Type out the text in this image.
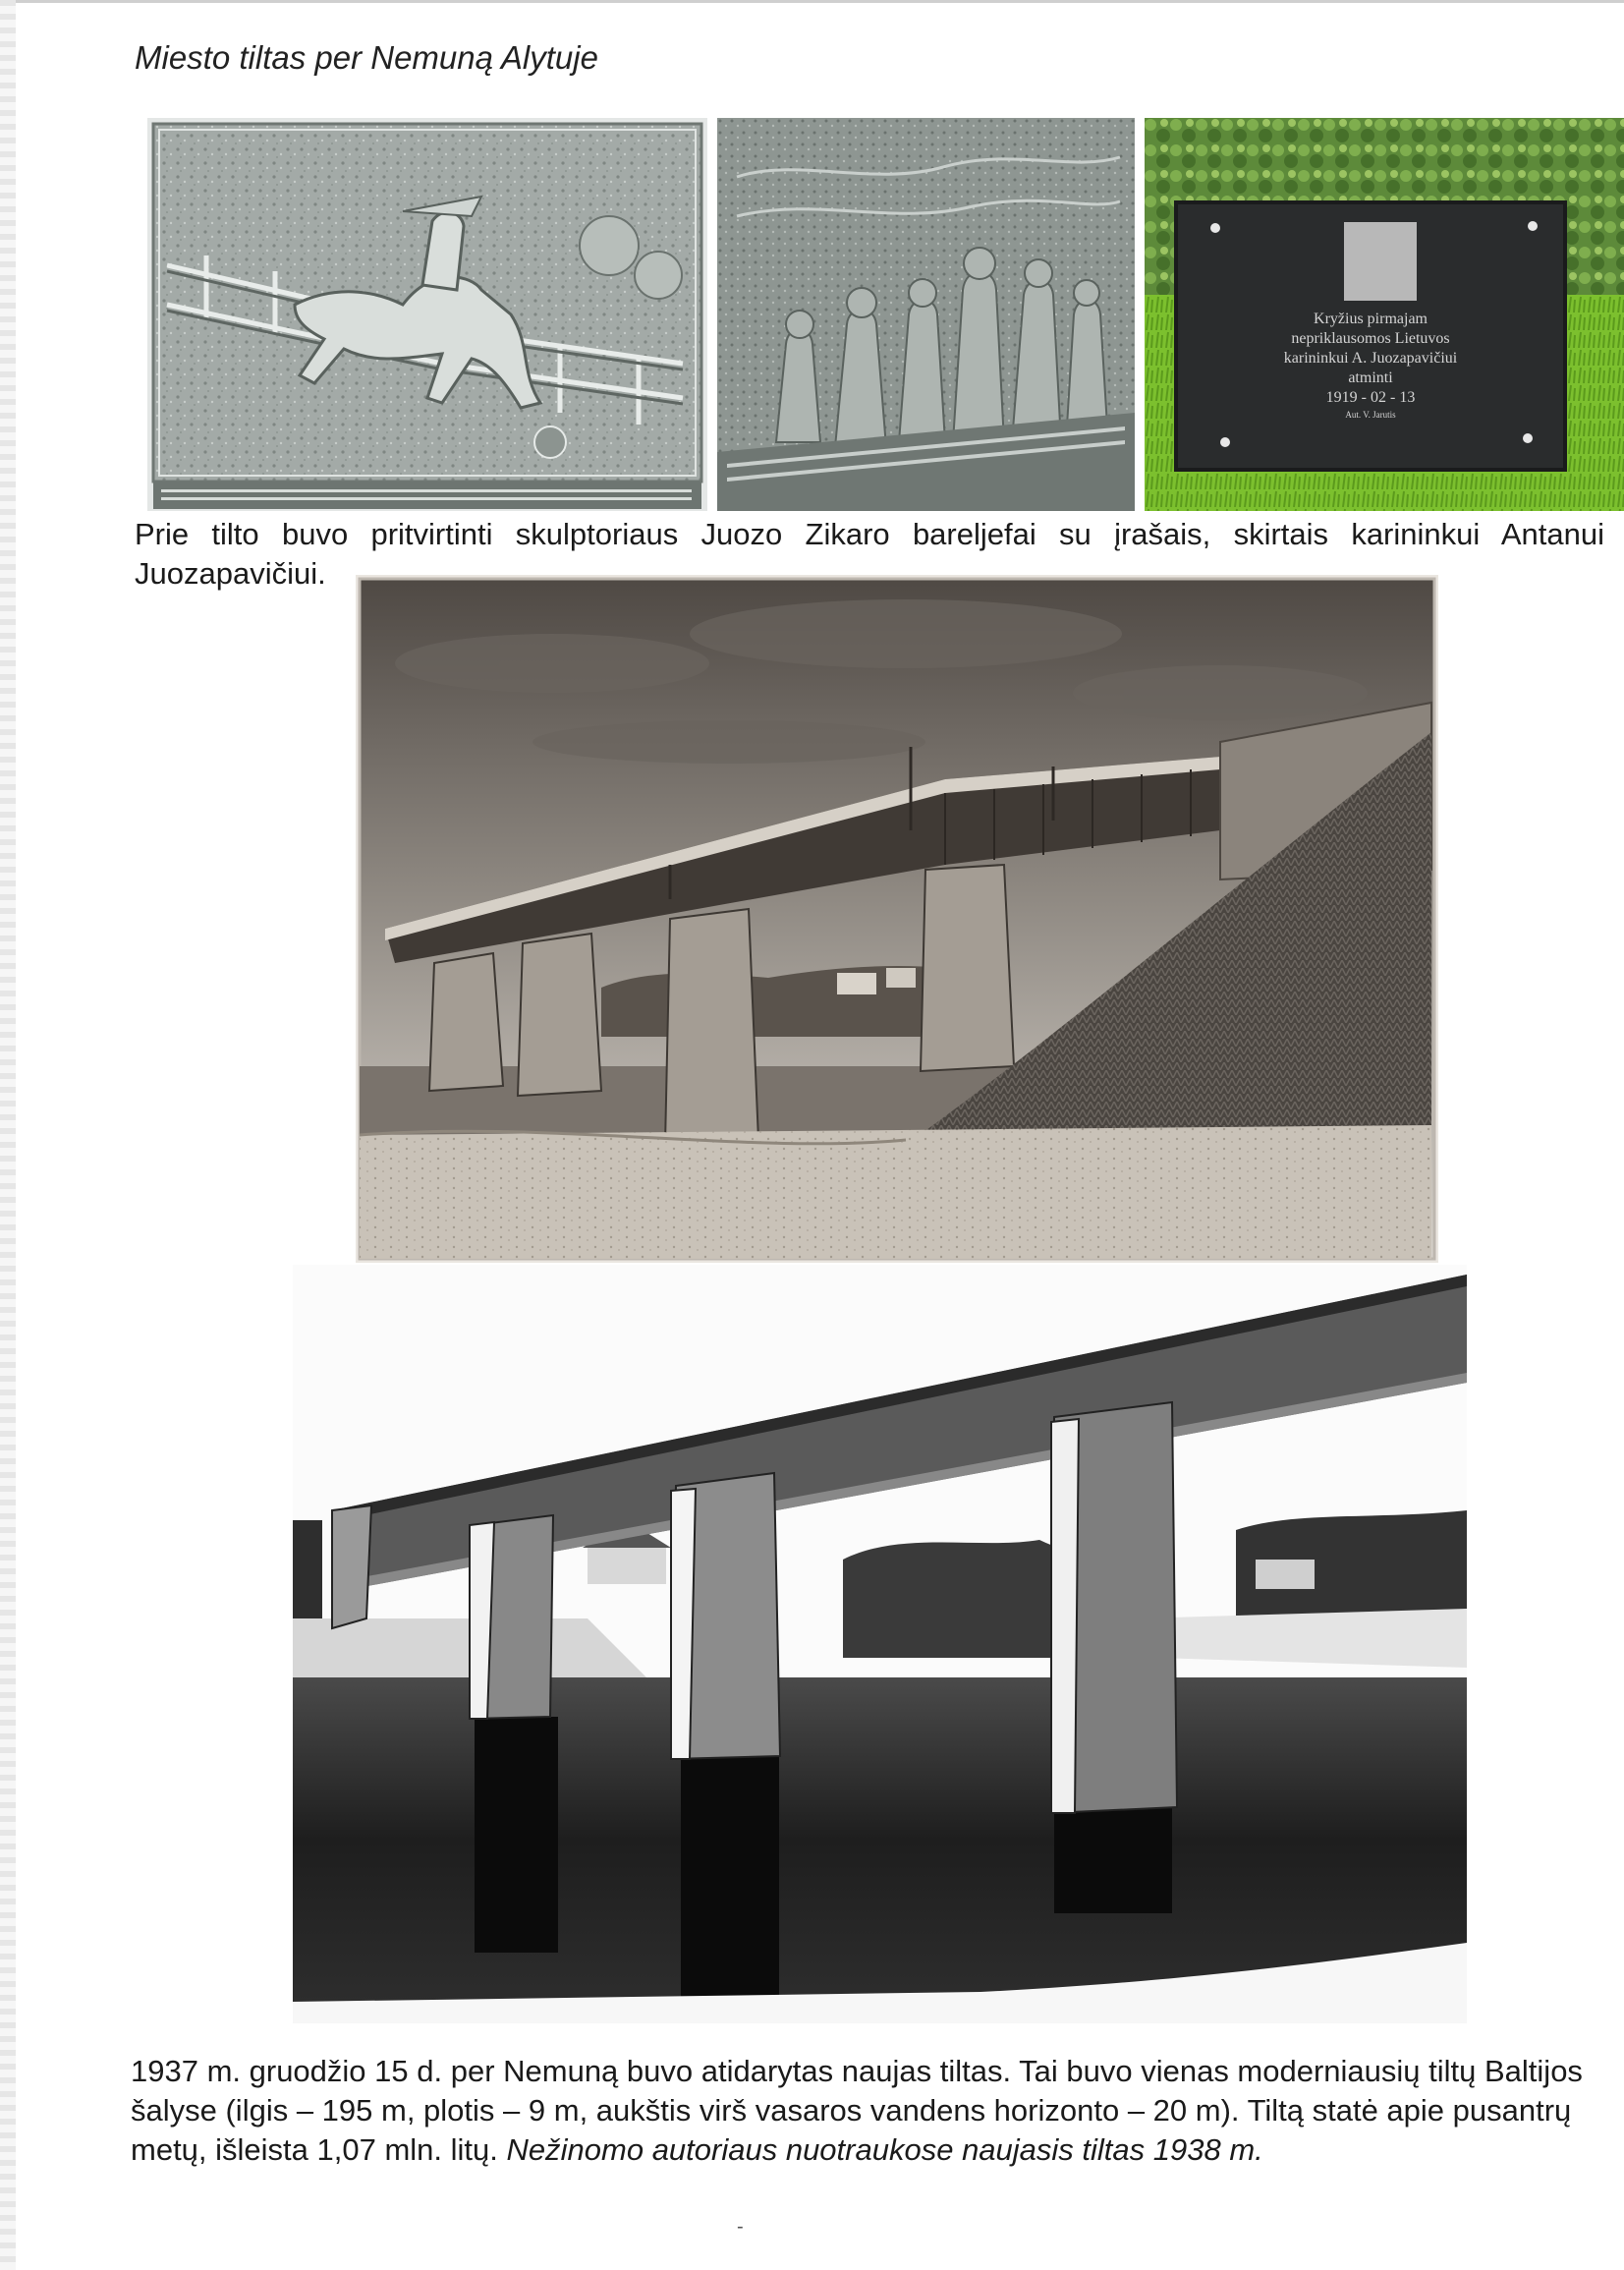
Miesto tiltas per Nemuną Alytuje
Kryžius pirmajam
nepriklausomos Lietuvos
karininkui A. Juozapavičiui
atminti
1919 - 02 - 13
Aut. V. Jarutis
Prie tilto buvo pritvirtinti skulptoriaus Juozo Zikaro bareljefai su įrašais, skirtais karininkui Antanui Juozapavičiui.
1937 m. gruodžio 15 d. per Nemuną buvo atidarytas naujas tiltas. Tai buvo vienas moderniausių tiltų Baltijos šalyse (ilgis – 195 m, plotis – 9 m, aukštis virš vasaros vandens horizonto – 20 m). Tiltą statė apie pusantrų metų, išleista 1,07 mln. litų. Nežinomo autoriaus nuotraukose naujasis tiltas 1938 m.
-
